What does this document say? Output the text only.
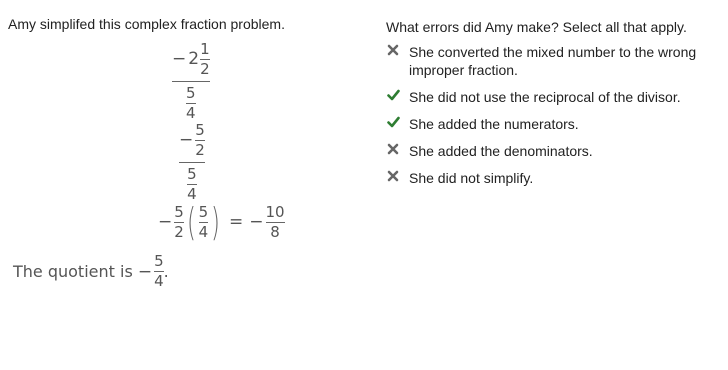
Amy simplifed this complex fraction problem.
$\frac{- 2 \frac{1}{2}}{\frac{5}{4}}$
$\frac{- \frac{5}{2}}{\frac{5}{4}}$
− $\frac{5}{2}$ ( $\frac{5}{4}$ ) = − $\frac{10}{8}$
The quotient is − $\frac{5}{4}$ .
What errors did Amy make? Select all that apply.
She converted the mixed number to the wrong improper fraction.
She did not use the reciprocal of the divisor.
She added the numerators.
She added the denominators.
She did not simplify.
